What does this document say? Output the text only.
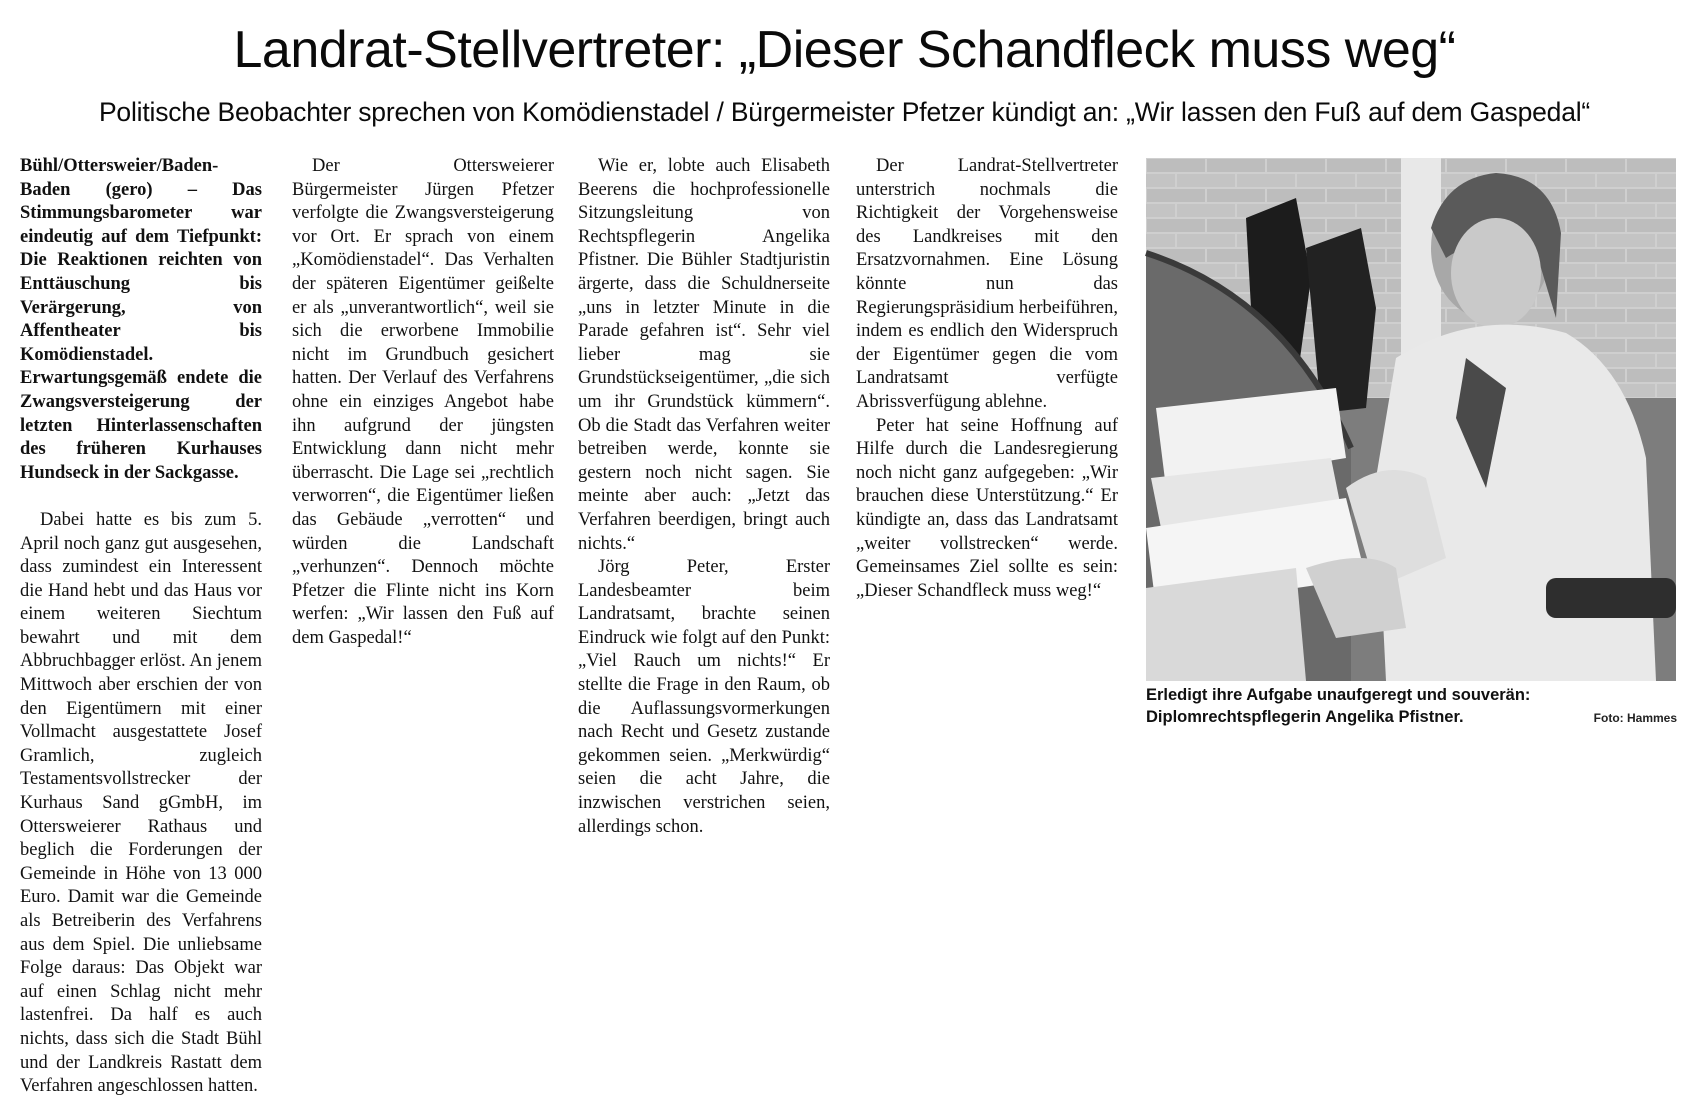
Landrat-Stellvertreter: „Dieser Schandfleck muss weg“
Politische Beobachter sprechen von Komödienstadel / Bürgermeister Pfetzer kündigt an: „Wir lassen den Fuß auf dem Gaspedal“

Bühl/Ottersweier/Baden-Baden (gero) – Das Stimmungsbarometer war eindeutig auf dem Tiefpunkt: Die Reaktionen reichten von Enttäuschung bis Verärgerung, von Affentheater bis Komödienstadel. Erwartungsgemäß endete die Zwangsversteigerung der letzten Hinterlassenschaften des früheren Kurhauses Hundseck in der Sackgasse.

Dabei hatte es bis zum 5. April noch ganz gut ausgesehen, dass zumindest ein Interessent die Hand hebt und das Haus vor einem weiteren Siechtum bewahrt und mit dem Abbruchbagger erlöst. An jenem Mittwoch aber erschien der von den Eigentümern mit einer Vollmacht ausgestattete Josef Gramlich, zugleich Testamentsvollstrecker der Kurhaus Sand gGmbH, im Ottersweierer Rathaus und beglich die Forderungen der Gemeinde in Höhe von 13 000 Euro. Damit war die Gemeinde als Betreiberin des Verfahrens aus dem Spiel. Die unliebsame Folge daraus: Das Objekt war auf einen Schlag nicht mehr lastenfrei. Da half es auch nichts, dass sich die Stadt Bühl und der Landkreis Rastatt dem Verfahren angeschlossen hatten.

Der Ottersweierer Bürgermeister Jürgen Pfetzer verfolgte die Zwangsversteigerung vor Ort. Er sprach von einem „Komödienstadel“. Das Verhalten der späteren Eigentümer geißelte er als „unverantwortlich“, weil sie sich die erworbene Immobilie nicht im Grundbuch gesichert hatten. Der Verlauf des Verfahrens ohne ein einziges Angebot habe ihn aufgrund der jüngsten Entwicklung dann nicht mehr überrascht. Die Lage sei „rechtlich verworren“, die Eigentümer ließen das Gebäude „verrotten“ und würden die Landschaft „verhunzen“. Dennoch möchte Pfetzer die Flinte nicht ins Korn werfen: „Wir lassen den Fuß auf dem Gaspedal!“

Wie er, lobte auch Elisabeth Beerens die hochprofessionelle Sitzungsleitung von Rechtspflegerin Angelika Pfistner. Die Bühler Stadtjuristin ärgerte, dass die Schuldnerseite „uns in letzter Minute in die Parade gefahren ist“. Sehr viel lieber mag sie Grundstückseigentümer, „die sich um ihr Grundstück kümmern“. Ob die Stadt das Verfahren weiter betreiben werde, konnte sie gestern noch nicht sagen. Sie meinte aber auch: „Jetzt das Verfahren beerdigen, bringt auch nichts.“

Jörg Peter, Erster Landesbeamter beim Landratsamt, brachte seinen Eindruck wie folgt auf den Punkt: „Viel Rauch um nichts!“ Er stellte die Frage in den Raum, ob die Auflassungsvormerkungen nach Recht und Gesetz zustande gekommen seien. „Merkwürdig“ seien die acht Jahre, die inzwischen verstrichen seien, allerdings schon.

Der Landrat-Stellvertreter unterstrich nochmals die Richtigkeit der Vorgehensweise des Landkreises mit den Ersatzvornahmen. Eine Lösung könnte nun das Regierungspräsidium herbeiführen, indem es endlich den Widerspruch der Eigentümer gegen die vom Landratsamt verfügte Abrissverfügung ablehne.

Peter hat seine Hoffnung auf Hilfe durch die Landesregierung noch nicht ganz aufgegeben: „Wir brauchen diese Unterstützung.“ Er kündigte an, dass das Landratsamt „weiter vollstrecken“ werde. Gemeinsames Ziel sollte es sein: „Dieser Schandfleck muss weg!“

Erledigt ihre Aufgabe unaufgeregt und souverän: Diplomrechtspflegerin Angelika Pfistner.	Foto: Hammes
